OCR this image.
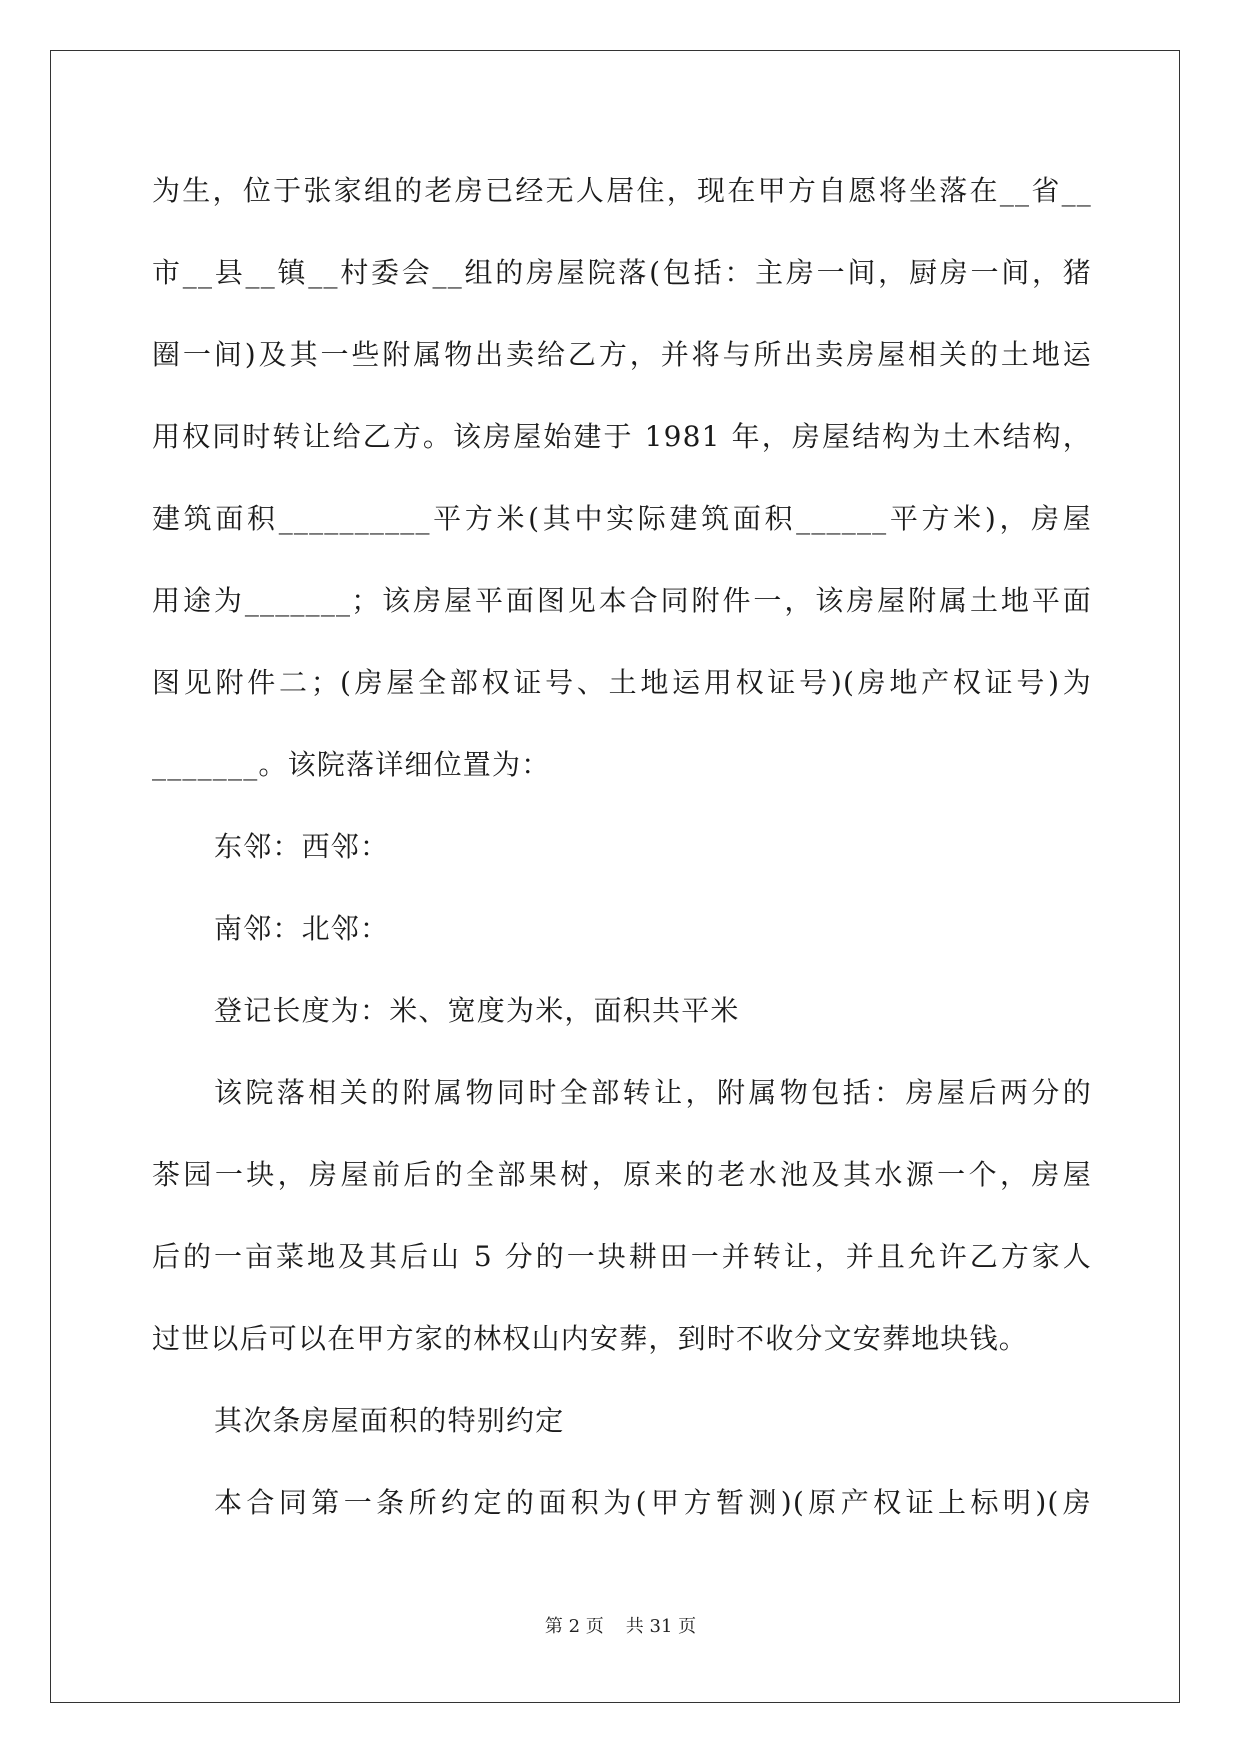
为生，位于张家组的老房已经无人居住，现在甲方自愿将坐落在__省__
市__县__镇__村委会__组的房屋院落(包括：主房一间，厨房一间，猪
圈一间)及其一些附属物出卖给乙方，并将与所出卖房屋相关的土地运
用权同时转让给乙方。该房屋始建于 1981 年，房屋结构为土木结构，
建筑面积__________平方米(其中实际建筑面积______平方米)，房屋
用途为_______；该房屋平面图见本合同附件一，该房屋附属土地平面
图见附件二；(房屋全部权证号、土地运用权证号)(房地产权证号)为
_______。该院落详细位置为：
东邻：西邻：
南邻：北邻：
登记长度为：米、宽度为米，面积共平米
该院落相关的附属物同时全部转让，附属物包括：房屋后两分的
茶园一块，房屋前后的全部果树，原来的老水池及其水源一个，房屋
后的一亩菜地及其后山 5 分的一块耕田一并转让，并且允许乙方家人
过世以后可以在甲方家的林权山内安葬，到时不收分文安葬地块钱。
其次条房屋面积的特别约定
本合同第一条所约定的面积为(甲方暂测)(原产权证上标明)(房
第 2 页 共 31 页
